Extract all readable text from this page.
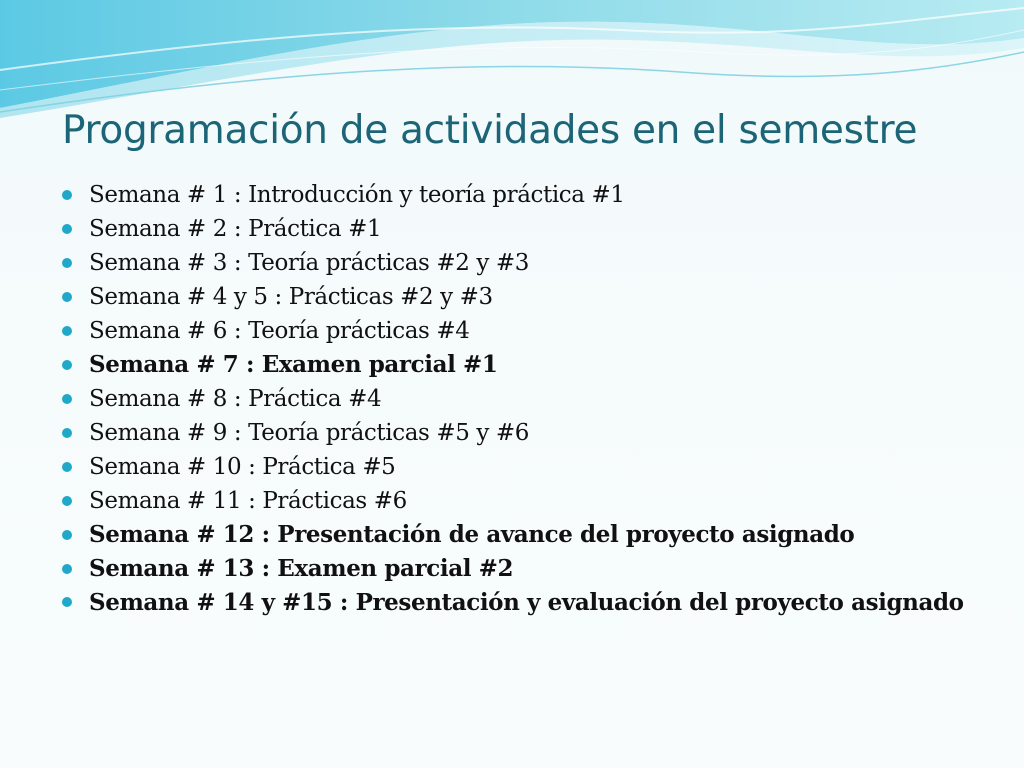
Programación de actividades en el semestre
Semana # 1 : Introducción y teoría práctica #1
Semana # 2 : Práctica #1
Semana # 3 : Teoría prácticas #2 y #3
Semana # 4 y 5 : Prácticas #2 y #3
Semana # 6 : Teoría prácticas #4
Semana # 7 : Examen parcial #1
Semana # 8 : Práctica #4
Semana # 9 : Teoría prácticas #5 y #6
Semana # 10 : Práctica #5
Semana # 11 : Prácticas #6
Semana # 12 : Presentación de avance del proyecto asignado
Semana # 13 : Examen parcial #2
Semana # 14 y #15 : Presentación y evaluación del proyecto asignado
